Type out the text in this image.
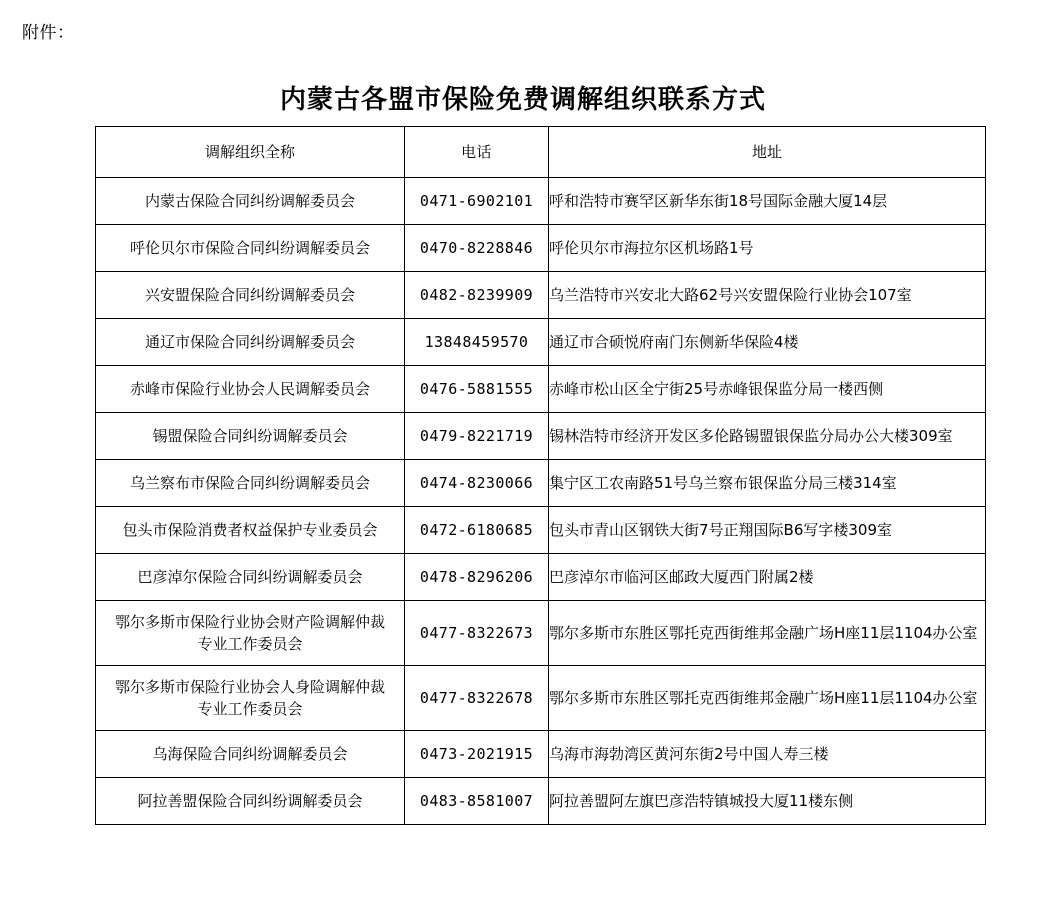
附件：
内蒙古各盟市保险免费调解组织联系方式
调解组织全称	电话	地址
内蒙古保险合同纠纷调解委员会	0471-6902101	呼和浩特市赛罕区新华东街18号国际金融大厦14层
呼伦贝尔市保险合同纠纷调解委员会	0470-8228846	呼伦贝尔市海拉尔区机场路1号
兴安盟保险合同纠纷调解委员会	0482-8239909	乌兰浩特市兴安北大路62号兴安盟保险行业协会107室
通辽市保险合同纠纷调解委员会	13848459570	通辽市合硕悦府南门东侧新华保险4楼
赤峰市保险行业协会人民调解委员会	0476-5881555	赤峰市松山区全宁街25号赤峰银保监分局一楼西侧
锡盟保险合同纠纷调解委员会	0479-8221719	锡林浩特市经济开发区多伦路锡盟银保监分局办公大楼309室
乌兰察布市保险合同纠纷调解委员会	0474-8230066	集宁区工农南路51号乌兰察布银保监分局三楼314室
包头市保险消费者权益保护专业委员会	0472-6180685	包头市青山区钢铁大街7号正翔国际B6写字楼309室
巴彦淖尔保险合同纠纷调解委员会	0478-8296206	巴彦淖尔市临河区邮政大厦西门附属2楼

鄂尔多斯市保险行业协会财产险调解仲裁
专业工作委员会	0477-8322673	鄂尔多斯市东胜区鄂托克西街维邦金融广场H座11层1104办公室

鄂尔多斯市保险行业协会人身险调解仲裁
专业工作委员会	0477-8322678	鄂尔多斯市东胜区鄂托克西街维邦金融广场H座11层1104办公室
乌海保险合同纠纷调解委员会	0473-2021915	乌海市海勃湾区黄河东街2号中国人寿三楼
阿拉善盟保险合同纠纷调解委员会	0483-8581007	阿拉善盟阿左旗巴彦浩特镇城投大厦11楼东侧
